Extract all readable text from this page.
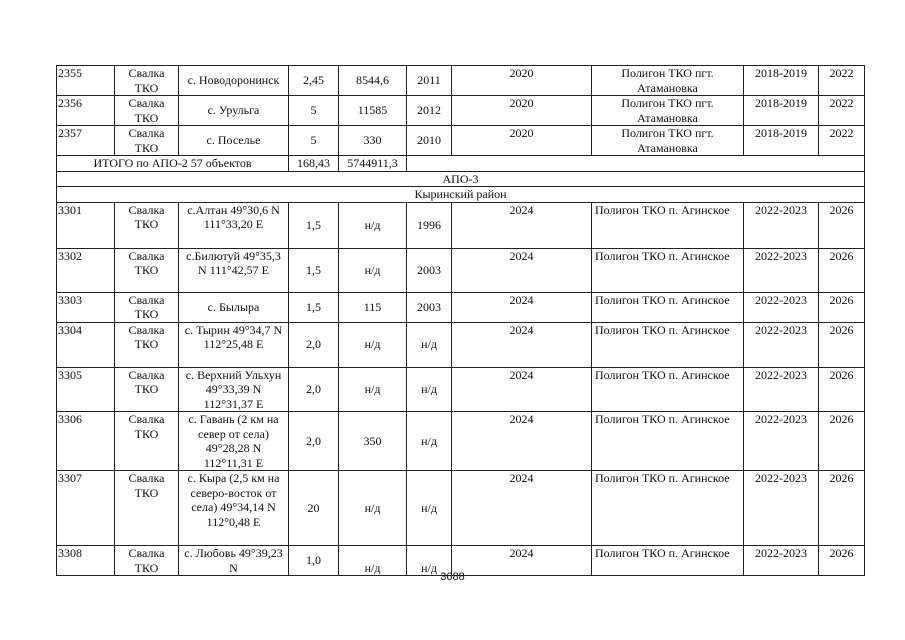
2355	Свалка ТКО	с. Новодоронинск	2,45	8544,6	2011	2020	Полигон ТКО пгт. Атамановка	2018-2019	2022
2356	Свалка ТКО	с. Урульга	5	11585	2012	2020	Полигон ТКО пгт. Атамановка	2018-2019	2022
2357	Свалка ТКО	с. Поселье	5	330	2010	2020	Полигон ТКО пгт. Атамановка	2018-2019	2022
ИТОГО по АПО-2 57 объектов			168,43	5744911,3					
АПО-3									
Кыринский район									
3301	Свалка ТКО	с.Алтан 49°30,6 N 111°33,20 E	1,5	н/д	1996	2024	Полигон ТКО п. Агинское	2022-2023	2026
3302	Свалка ТКО	с.Билютуй 49°35,3 N 111°42,57 E	1,5	н/д	2003	2024	Полигон ТКО п. Агинское	2022-2023	2026
3303	Свалка ТКО	с. Былыра	1,5	115	2003	2024	Полигон ТКО п. Агинское	2022-2023	2026
3304	Свалка ТКО	с. Тырин 49°34,7 N 112°25,48 E	2,0	н/д	н/д	2024	Полигон ТКО п. Агинское	2022-2023	2026
3305	Свалка ТКО	с. Верхний Ульхун 49°33,39 N 112°31,37 E	2,0	н/д	н/д	2024	Полигон ТКО п. Агинское	2022-2023	2026
3306	Свалка ТКО	с. Гавань (2 км на север от села) 49°28,28 N 112°11,31 E	2,0	350	н/д	2024	Полигон ТКО п. Агинское	2022-2023	2026
3307	Свалка ТКО	с. Кыра (2,5 км на северо-восток от села) 49°34,14 N 112°0,48 E	20	н/д	н/д	2024	Полигон ТКО п. Агинское	2022-2023	2026
3308	Свалка ТКО	с. Любовь 49°39,23 N	1,0	н/д	н/д	2024	Полигон ТКО п. Агинское	2022-2023	2026
3688
